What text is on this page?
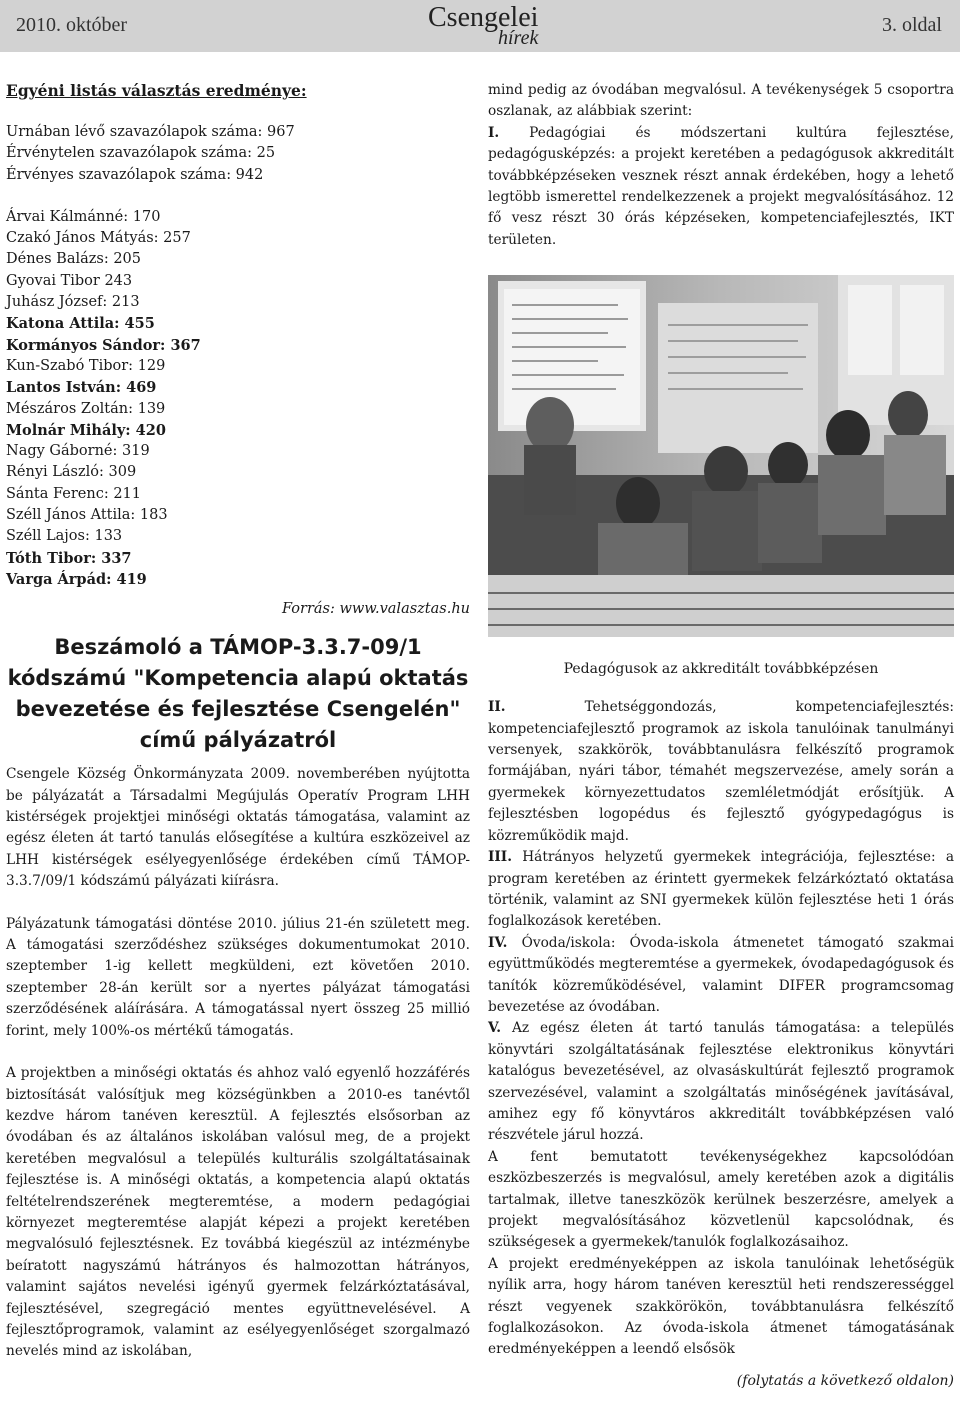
2010. október	Csengelei
hírek
3. oldal
Egyéni listás választás eredménye:
Urnában lévő szavazólapok száma: 967
Érvénytelen szavazólapok száma: 25
Érvényes szavazólapok száma: 942
Árvai Kálmánné: 170
Czakó János Mátyás: 257
Dénes Balázs: 205
Gyovai Tibor 243
Juhász József: 213
Katona Attila: 455
Kormányos Sándor: 367
Kun-Szabó Tibor: 129
Lantos István: 469
Mészáros Zoltán: 139
Molnár Mihály: 420
Nagy Gáborné: 319
Rényi László: 309
Sánta Ferenc: 211
Széll János Attila: 183
Széll Lajos: 133
Tóth Tibor: 337
Varga Árpád: 419
Forrás: www.valasztas.hu
Beszámoló a TÁMOP-3.3.7-09/1 kódszámú "Kompetencia alapú oktatás bevezetése és fejlesztése Csengelén" című pályázatról

Csengele Község Önkormányzata 2009. novemberében nyújtotta be pályázatát a Társadalmi Megújulás Operatív Program LHH kistérségek projektjei minőségi oktatás támogatása, valamint az egész életen át tartó tanulás elősegítése a kultúra eszközeivel az LHH kistérségek esélyegyenlősége érdekében című TÁMOP-3.3.7/09/1 kódszámú pályázati kiírásra.

Pályázatunk támogatási döntése 2010. július 21-én született meg. A támogatási szerződéshez szükséges dokumentumokat 2010. szeptember 1-ig kellett megküldeni, ezt követően 2010. szeptember 28-án került sor a nyertes pályázat támogatási szerződésének aláírására. A támogatással nyert összeg 25 millió forint, mely 100%-os mértékű támogatás.

A projektben a minőségi oktatás és ahhoz való egyenlő hozzáférés biztosítását valósítjuk meg községünkben a 2010-es tanévtől kezdve három tanéven keresztül. A fejlesztés elsősorban az óvodában és az általános iskolában valósul meg, de a projekt keretében megvalósul a település kulturális szolgáltatásainak fejlesztése is. A minőségi oktatás, a kompetencia alapú oktatás feltételrendszerének megteremtése, a modern pedagógiai környezet megteremtése alapját képezi a projekt keretében megvalósuló fejlesztésnek. Ez továbbá kiegészül az intézménybe beíratott nagyszámú hátrányos és halmozottan hátrányos, valamint sajátos nevelési igényű gyermek felzárkóztatásával, fejlesztésével, szegregáció mentes együttnevelésével. A fejlesztőprogramok, valamint az esélyegyenlőséget szorgalmazó nevelés mind az iskolában,

mind pedig az óvodában megvalósul. A tevékenységek 5 csoportra oszlanak, az alábbiak szerint:

I. Pedagógiai és módszertani kultúra fejlesztése, pedagógusképzés: a projekt keretében a pedagógusok akkreditált továbbképzéseken vesznek részt annak érdekében, hogy a lehető legtöbb ismerettel rendelkezzenek a projekt megvalósításához. 12 fő vesz részt 30 órás képzéseken, kompetenciafejlesztés, IKT területen.

Pedagógusok az akkreditált továbbképzésen

II. Tehetséggondozás, kompetenciafejlesztés: kompetenciafejlesztő programok az iskola tanulóinak tanulmányi versenyek, szakkörök, továbbtanulásra felkészítő programok formájában, nyári tábor, témahét megszervezése, amely során a gyermekek környezettudatos szemléletmódját erősítjük. A fejlesztésben logopédus és fejlesztő gyógypedagógus is közreműködik majd.

III. Hátrányos helyzetű gyermekek integrációja, fejlesztése: a program keretében az érintett gyermekek felzárkóztató oktatása történik, valamint az SNI gyermekek külön fejlesztése heti 1 órás foglalkozások keretében.

IV. Óvoda/iskola: Óvoda-iskola átmenetet támogató szakmai együttműködés megteremtése a gyermekek, óvodapedagógusok és tanítók közreműködésével, valamint DIFER programcsomag bevezetése az óvodában.

V. Az egész életen át tartó tanulás támogatása: a település könyvtári szolgáltatásának fejlesztése elektronikus könyvtári katalógus bevezetésével, az olvasáskultúrát fejlesztő programok szervezésével, valamint a szolgáltatás minőségének javításával, amihez egy fő könyvtáros akkreditált továbbképzésen való részvétele járul hozzá.

A fent bemutatott tevékenységekhez kapcsolódóan eszközbeszerzés is megvalósul, amely keretében azok a digitális tartalmak, illetve taneszközök kerülnek beszerzésre, amelyek a projekt megvalósításához közvetlenül kapcsolódnak, és szükségesek a gyermekek/tanulók foglalkozásaihoz.

A projekt eredményeképpen az iskola tanulóinak lehetőségük nyílik arra, hogy három tanéven keresztül heti rendszerességgel részt vegyenek szakkörökön, továbbtanulásra felkészítő foglalkozásokon. Az óvoda-iskola átmenet támogatásának eredményeképpen a leendő elsősök

(folytatás a következő oldalon)
